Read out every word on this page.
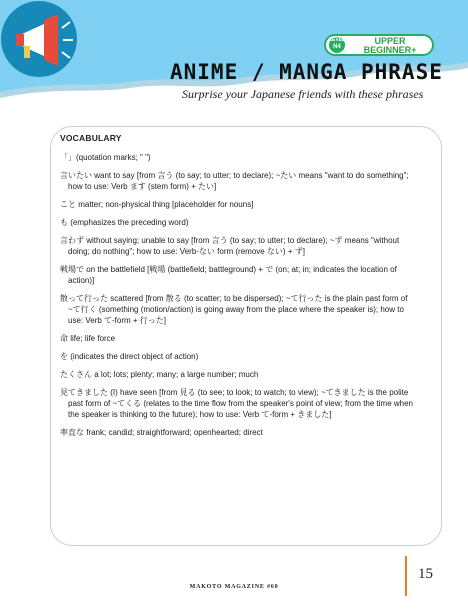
LEVEL
N4
UPPER BEGINNER+
ANIME / MANGA PHRASE
Surprise your Japanese friends with these phrases
VOCABULARY
「」(quotation marks; " ")
言いたい want to say [from 言う (to say; to utter; to declare); ~たい means "want to do something";
how to use: Verb ます (stem form) + たい]
こと matter; non-physical thing [placeholder for nouns]
も (emphasizes the preceding word)
言わず without saying; unable to say [from 言う (to say; to utter; to declare); ~ず means "without
doing; do nothing"; how to use: Verb-ない form (remove ない) + ず]
戦場で on the battlefield [戦場 (battlefield; battleground) + で (on; at; in; indicates the location of
action)]
散って行った scattered [from 散る (to scatter; to be dispersed); ~て行った is the plain past form of
~て行く (something (motion/action) is going away from the place where the speaker is); how to
use: Verb て-form + 行った]
命 life; life force
を (indicates the direct object of action)
たくさん a lot; lots; plenty; many; a large number; much
見てきました (I) have seen [from 見る (to see; to look; to watch; to view); ~てきました is the polite
past form of ~てくる (relates to the time flow from the speaker's point of view; from the time when
the speaker is thinking to the future); how to use: Verb て-form + きました]
率直な frank; candid; straightforward; openhearted; direct
15
MAKOTO MAGAZINE #60
